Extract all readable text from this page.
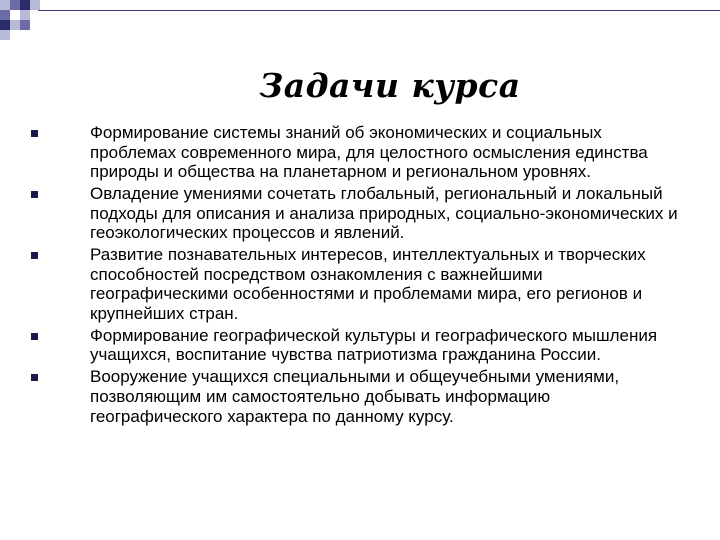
Задачи курса
Формирование системы знаний об экономических и социальных проблемах современного мира, для целостного осмысления единства природы и общества на планетарном и региональном уровнях.
Овладение умениями сочетать глобальный, региональный и локальный подходы для описания и анализа природных, социально-экономических и геоэкологических процессов и явлений.
Развитие познавательных интересов, интеллектуальных и творческих способностей посредством ознакомления с важнейшими географическими особенностями и проблемами мира, его регионов и крупнейших стран.
Формирование географической культуры и географического мышления учащихся, воспитание чувства патриотизма гражданина России.
Вооружение учащихся специальными и общеучебными умениями, позволяющим им самостоятельно добывать информацию географического характера по данному курсу.
